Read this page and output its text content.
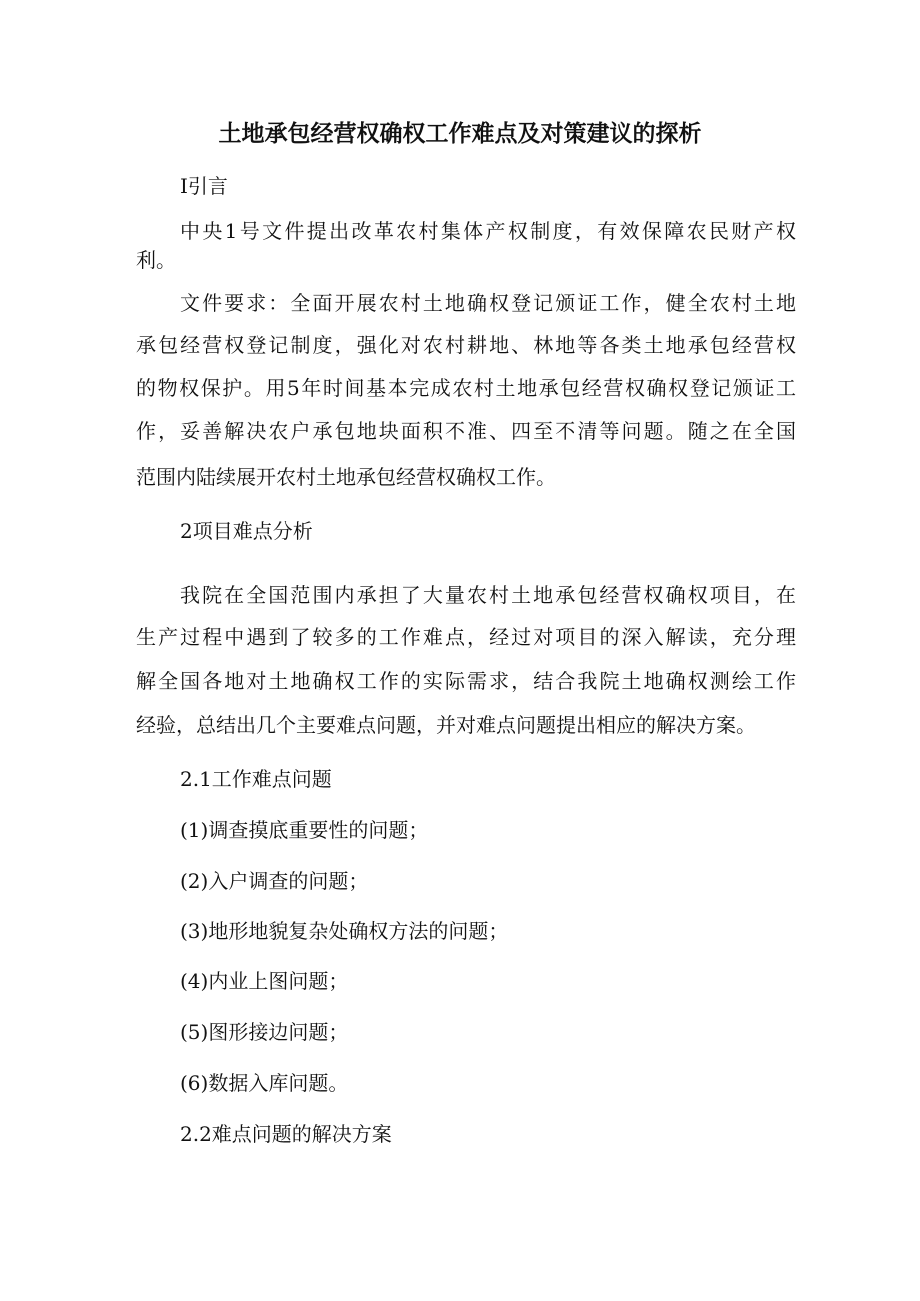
土地承包经营权确权工作难点及对策建议的探析
I引言
中央1号文件提出改革农村集体产权制度，有效保障农民财产权
利。
文件要求：全面开展农村土地确权登记颁证工作，健全农村土地
承包经营权登记制度，强化对农村耕地、林地等各类土地承包经营权
的物权保护。用5年时间基本完成农村土地承包经营权确权登记颁证工
作，妥善解决农户承包地块面积不准、四至不清等问题。随之在全国
范围内陆续展开农村土地承包经营权确权工作。
2项目难点分析
我院在全国范围内承担了大量农村土地承包经营权确权项目，在
生产过程中遇到了较多的工作难点，经过对项目的深入解读，充分理
解全国各地对土地确权工作的实际需求，结合我院土地确权测绘工作
经验，总结出几个主要难点问题，并对难点问题提出相应的解决方案。
2.1工作难点问题
(1)调查摸底重要性的问题；
(2)入户调查的问题；
(3)地形地貌复杂处确权方法的问题；
(4)内业上图问题；
(5)图形接边问题；
(6)数据入库问题。
2.2难点问题的解决方案
